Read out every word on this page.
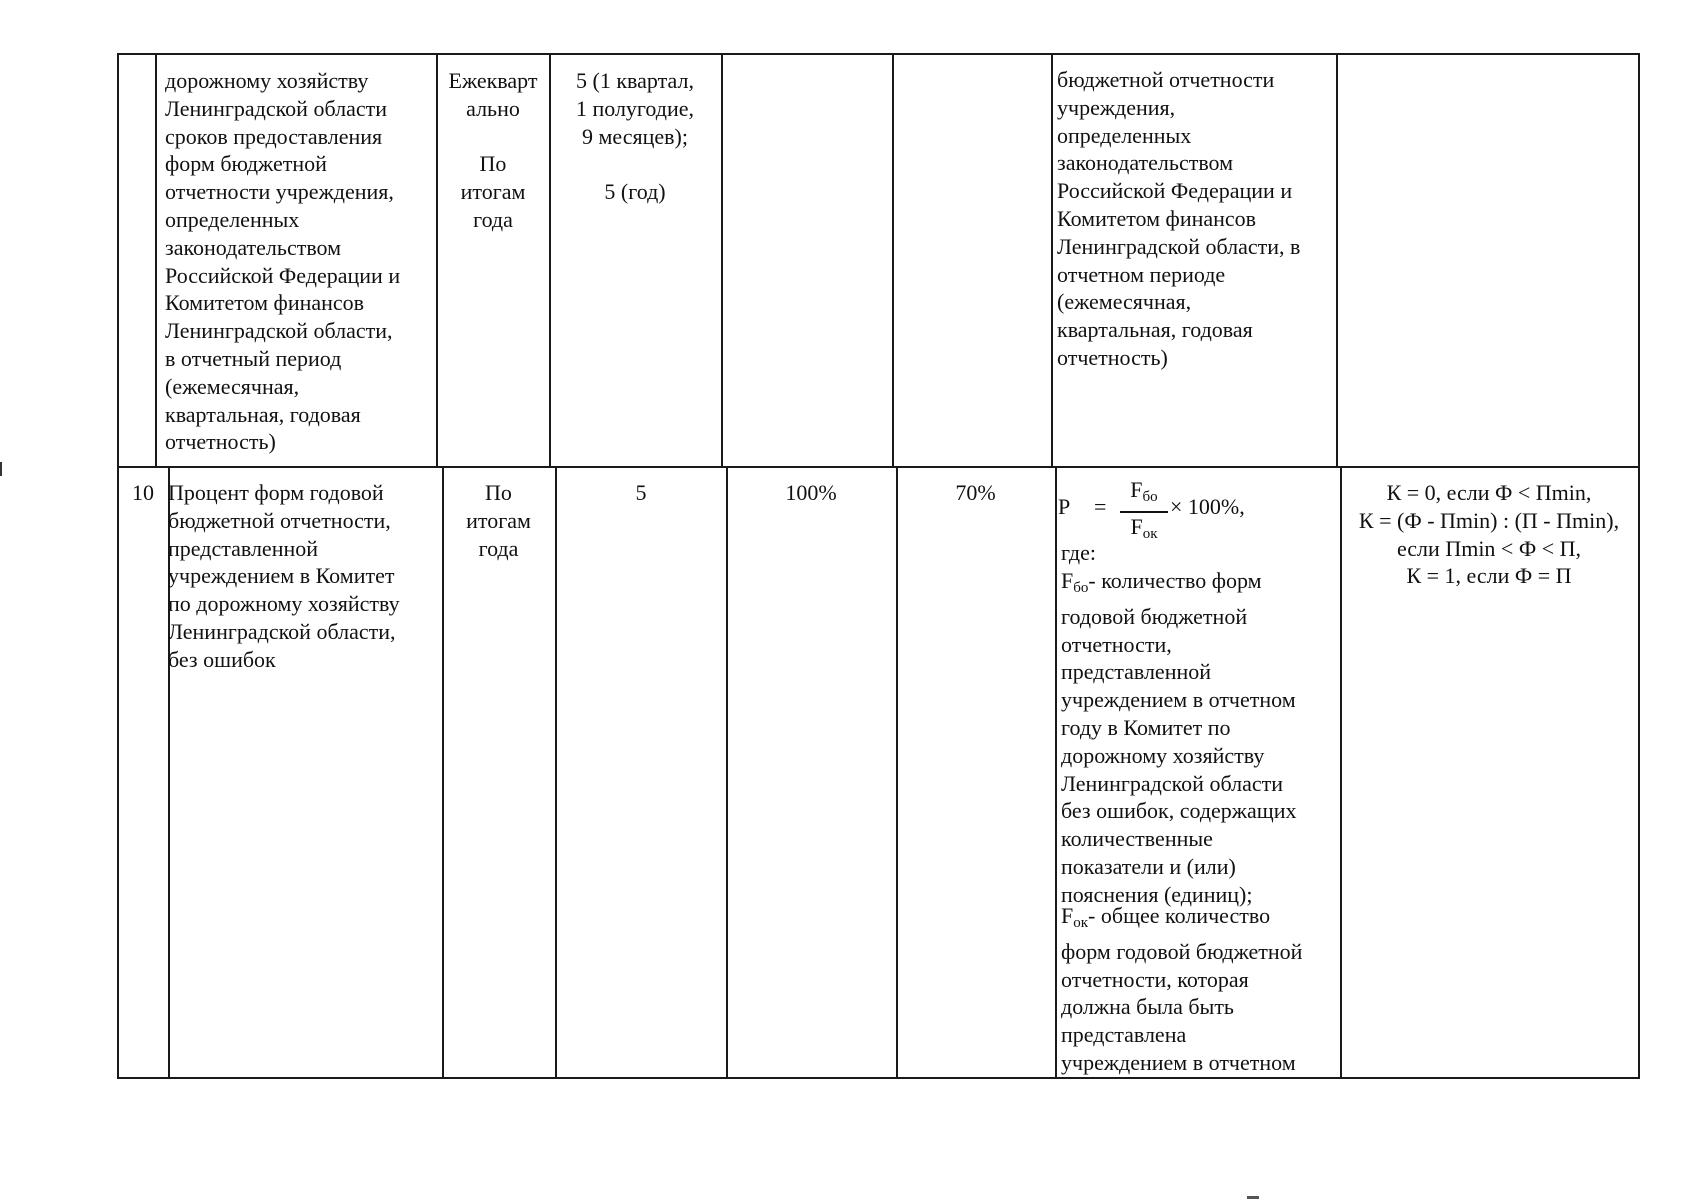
дорожному хозяйству
Ленинградской области
сроков предоставления
форм бюджетной
отчетности учреждения,
определенных
законодательством
Российской Федерации и
Комитетом финансов
Ленинградской области,
в отчетный период
(ежемесячная,
квартальная, годовая
отчетность)
Ежекварт
ально

По
итогам
года
5 (1 квартал,
1 полугодие,
9 месяцев);

5 (год)
бюджетной отчетности
учреждения,
определенных
законодательством
Российской Федерации и
Комитетом финансов
Ленинградской области, в
отчетном периоде
(ежемесячная,
квартальная, годовая
отчетность)
10 Процент форм годовой
бюджетной отчетности,
представленной
учреждением в Комитет
по дорожному хозяйству
Ленинградской области,
без ошибок
По
итогам
года
5	100%	70%
P =
$F_{бо}$
$F_{ок}$
× 100%,
где:
$F_{бо}-$ количество форм
годовой бюджетной
отчетности,
представленной
учреждением в отчетном
году в Комитет по
дорожному хозяйству
Ленинградской области
без ошибок, содержащих
количественные
показатели и (или)
пояснения (единиц);
$F_{ок}-$ общее количество
форм годовой бюджетной
отчетности, которая
должна была быть
представлена
учреждением в отчетном
К = 0, если Ф < Пmin,
К = (Ф - Пmin) : (П - Пmin),
если Пmin < Ф < П,
К = 1, если Ф = П
